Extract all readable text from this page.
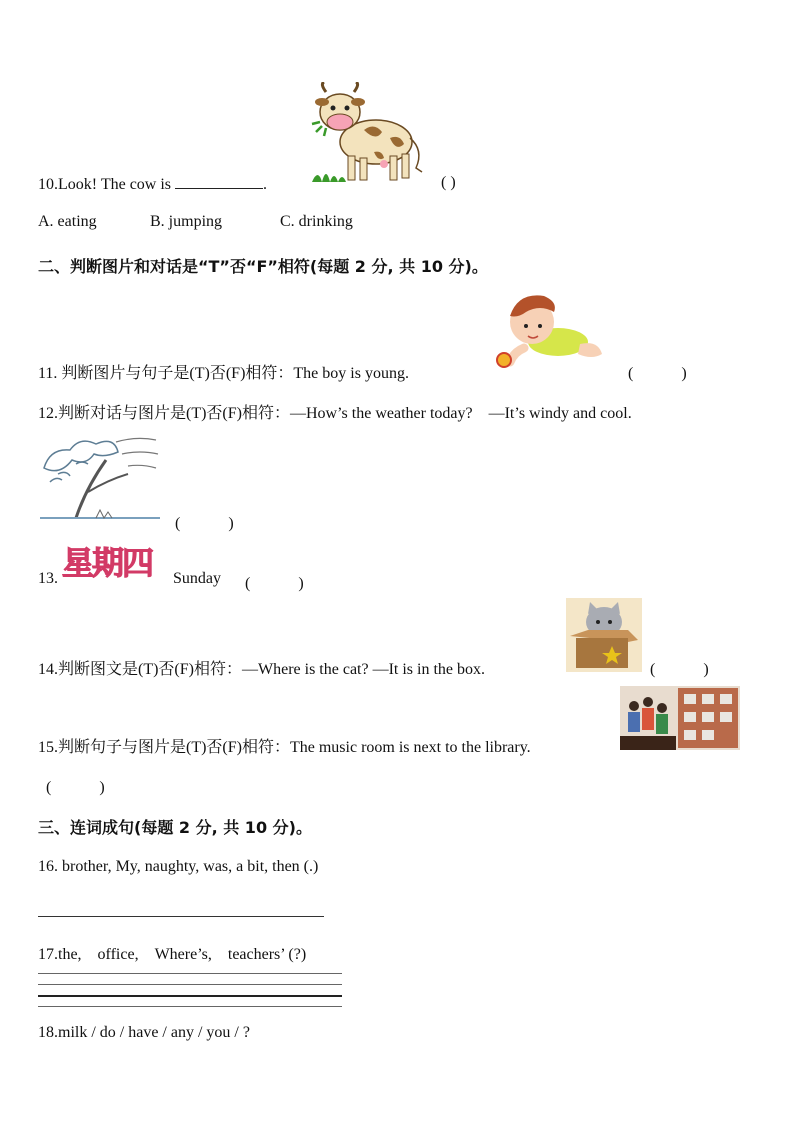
10.Look! The cow is	.	( )
A. eating	B. jumping	C. drinking
二、判断图片和对话是“T”否“F”相符(每题 2 分, 共 10 分)。
11. 判断图片与句子是(T)否(F)相符：The boy is young.	(　　　)
12.判断对话与图片是(T)否(F)相符：—How’s the weather today?　—It’s windy and cool.
(　　　)
13. 星期四	Sunday (　　　)
14.判断图文是(T)否(F)相符：—Where is the cat? —It is in the box.	(　　　)
15.判断句子与图片是(T)否(F)相符：The music room is next to the library.
(　　　)
三、连词成句(每题 2 分, 共 10 分)。
16. brother, My, naughty, was, a bit, then (.)
17.the,　office,　Where’s,　teachers’ (?)
18.milk / do / have / any / you / ?
